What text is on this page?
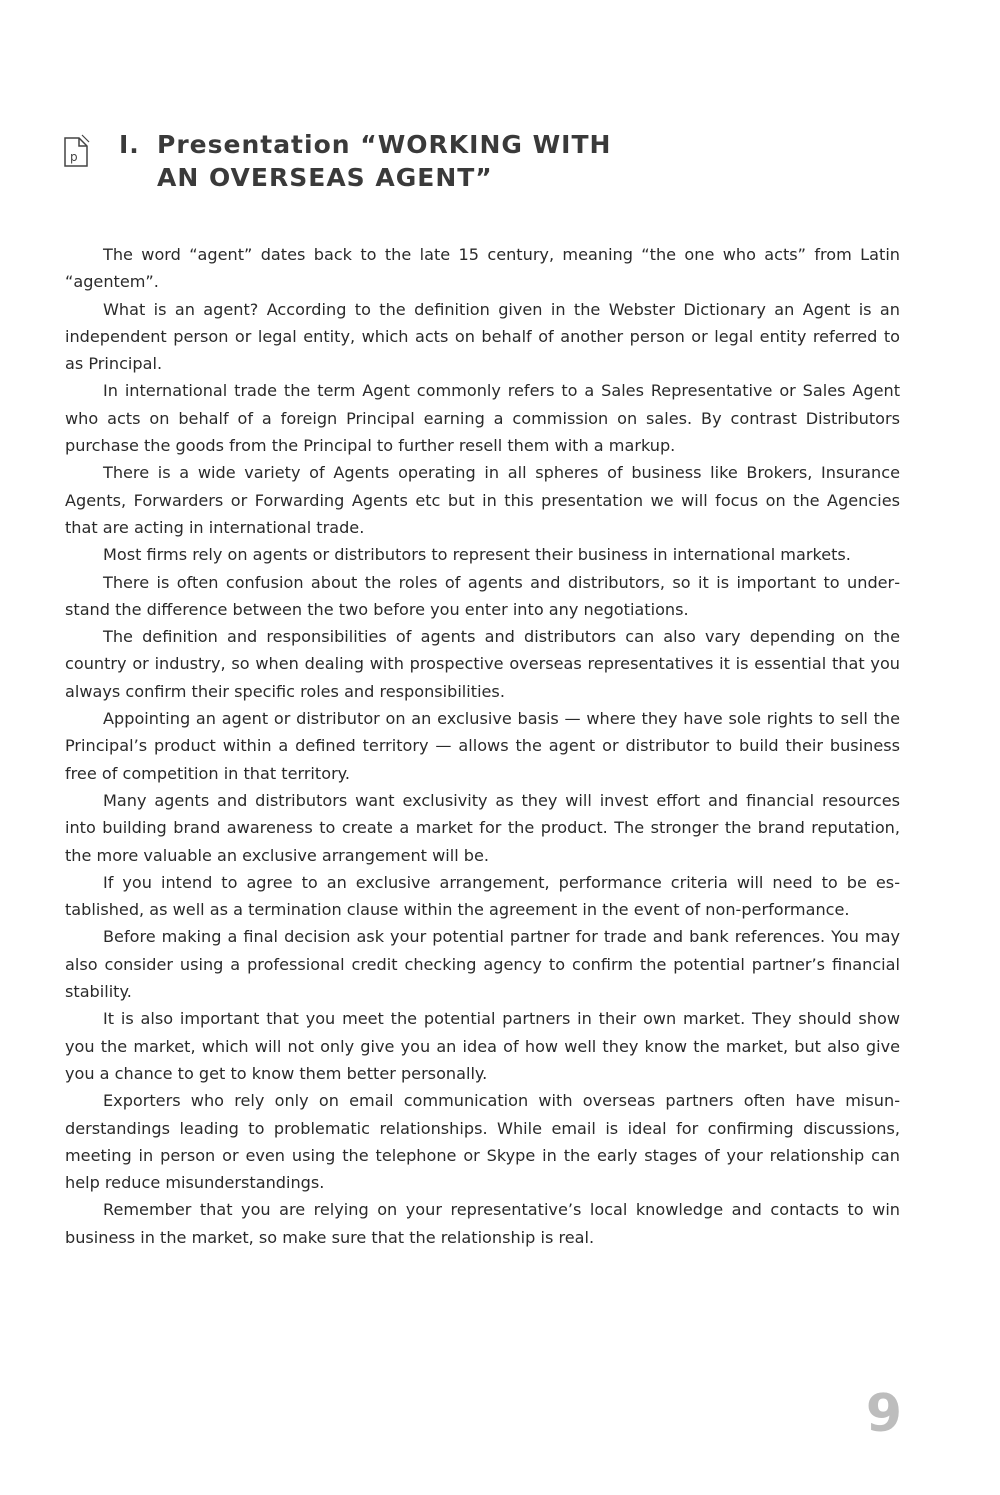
p I. Presentation “WORKING WITH
AN OVERSEAS AGENT”

The word “agent” dates back to the late 15 century, meaning “the one who acts” from Latin “agentem”.

What is an agent? According to the definition given in the Webster Dictionary an Agent is an independent person or legal entity, which acts on behalf of another person or legal entity referred to as Principal.

In international trade the term Agent commonly refers to a Sales Representative or Sales Agent who acts on behalf of a foreign Principal earning a commission on sales. By contrast Distributors purchase the goods from the Principal to further resell them with a markup.

There is a wide variety of Agents operating in all spheres of business like Brokers, Insurance Agents, Forwarders or Forwarding Agents etc but in this presentation we will focus on the Agencies that are acting in international trade.

Most firms rely on agents or distributors to represent their business in international markets.

There is often confusion about the roles of agents and distributors, so it is important to understand the difference between the two before you enter into any negotiations.

The definition and responsibilities of agents and distributors can also vary depending on the country or industry, so when dealing with prospective overseas representatives it is essential that you always confirm their specific roles and responsibilities.

Appointing an agent or distributor on an exclusive basis — where they have sole rights to sell the Principal’s product within a defined territory — allows the agent or distributor to build their business free of competition in that territory.

Many agents and distributors want exclusivity as they will invest effort and financial resources into building brand awareness to create a market for the product. The stronger the brand reputation, the more valuable an exclusive arrangement will be.

If you intend to agree to an exclusive arrangement, performance criteria will need to be established, as well as a termination clause within the agreement in the event of non-performance.

Before making a final decision ask your potential partner for trade and bank references. You may also consider using a professional credit checking agency to confirm the potential partner’s financial stability.

It is also important that you meet the potential partners in their own market. They should show you the market, which will not only give you an idea of how well they know the market, but also give you a chance to get to know them better personally.

Exporters who rely only on email communication with overseas partners often have misunderstandings leading to problematic relationships. While email is ideal for confirming discussions, meeting in person or even using the telephone or Skype in the early stages of your relationship can help reduce misunderstandings.

Remember that you are relying on your representative’s local knowledge and contacts to win business in the market, so make sure that the relationship is real.

9
